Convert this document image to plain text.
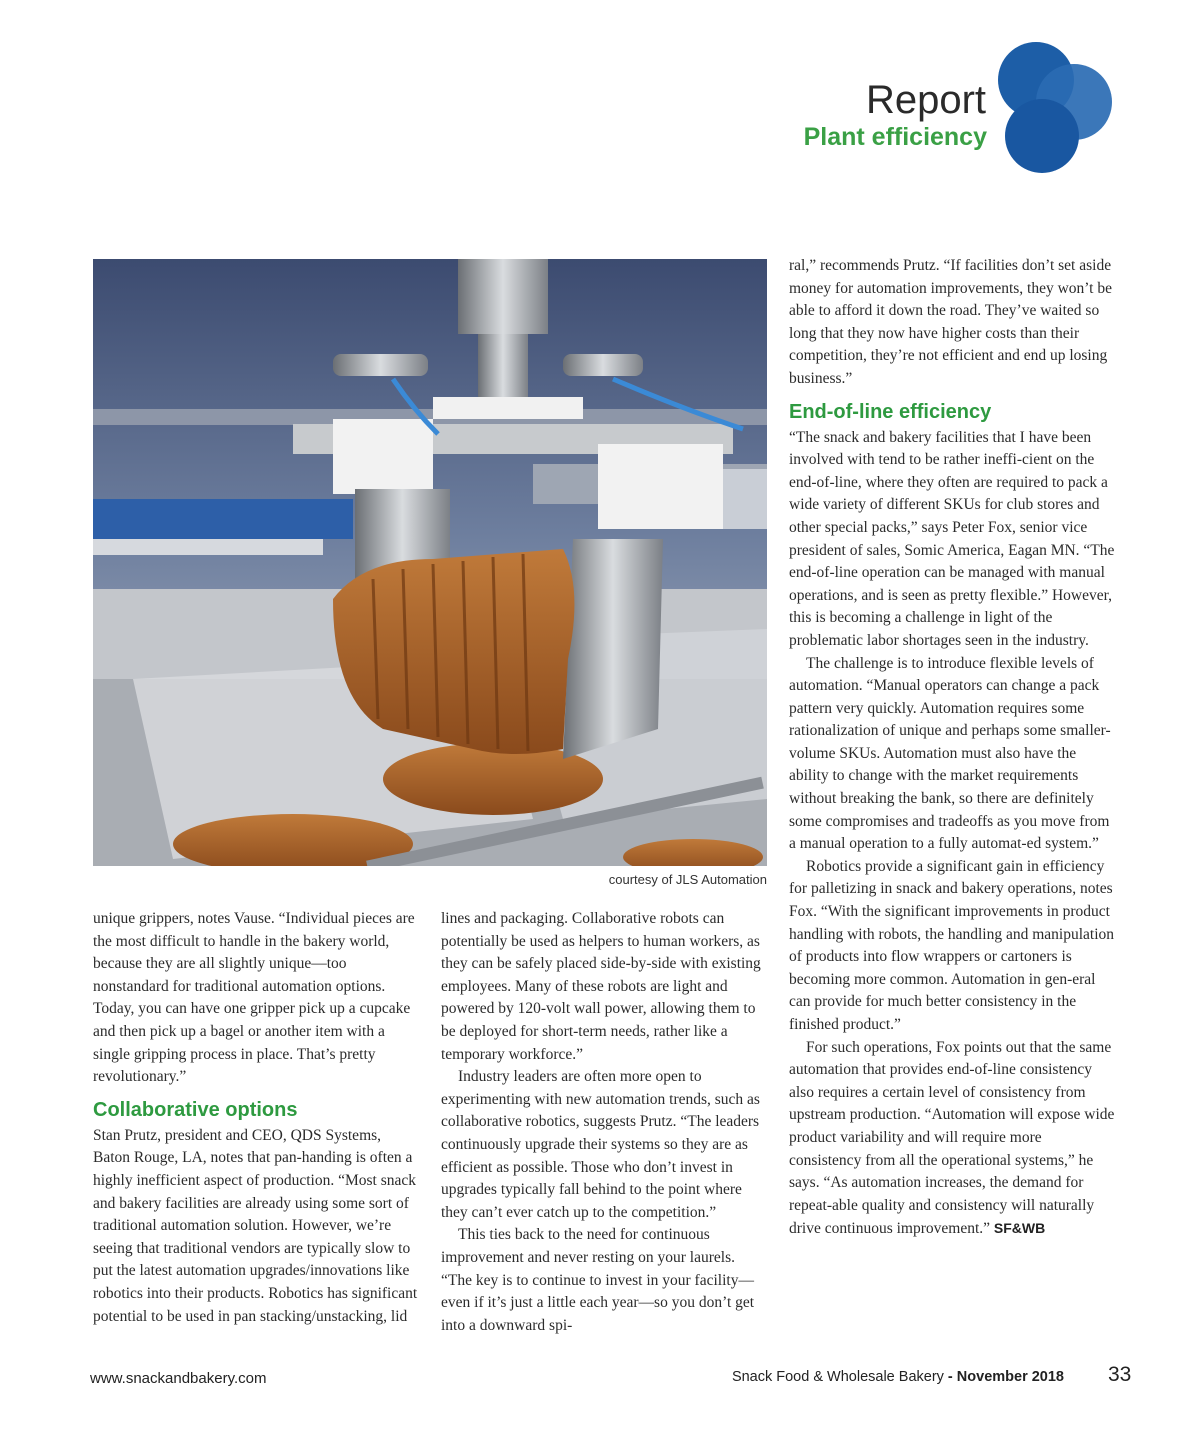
Report
Plant efficiency
courtesy of JLS Automation

unique grippers, notes Vause. “Individual pieces are the most difficult to handle in the bakery world, because they are all slightly unique—too nonstandard for traditional automation options. Today, you can have one gripper pick up a cupcake and then pick up a bagel or another item with a single gripping process in place. That’s pretty revolutionary.”

Collaborative options

Stan Prutz, president and CEO, QDS Systems, Baton Rouge, LA, notes that pan-handing is often a highly inefficient aspect of production. “Most snack and bakery facilities are already using some sort of traditional automation solution. However, we’re seeing that traditional vendors are typically slow to put the latest automation upgrades/innovations like robotics into their products. Robotics has significant potential to be used in pan stacking/unstacking, lid

lines and packaging. Collaborative robots can potentially be used as helpers to human workers, as they can be safely placed side-by-side with existing employees. Many of these robots are light and powered by 120-volt wall power, allowing them to be deployed for short-term needs, rather like a temporary workforce.”

Industry leaders are often more open to experimenting with new automation trends, such as collaborative robotics, suggests Prutz. “The leaders continuously upgrade their systems so they are as efficient as possible. Those who don’t invest in upgrades typically fall behind to the point where they can’t ever catch up to the competition.”

This ties back to the need for continuous improvement and never resting on your laurels. “The key is to continue to invest in your facility—even if it’s just a little each year—so you don’t get into a downward spi-

ral,” recommends Prutz. “If facilities don’t set aside money for automation improvements, they won’t be able to afford it down the road. They’ve waited so long that they now have higher costs than their competition, they’re not efficient and end up losing business.”

End-of-line efficiency

“The snack and bakery facilities that I have been involved with tend to be rather ineffi-cient on the end-of-line, where they often are required to pack a wide variety of different SKUs for club stores and other special packs,” says Peter Fox, senior vice president of sales, Somic America, Eagan MN. “The end-of-line operation can be managed with manual operations, and is seen as pretty flexible.” However, this is becoming a challenge in light of the problematic labor shortages seen in the industry.

The challenge is to introduce flexible levels of automation. “Manual operators can change a pack pattern very quickly. Automation requires some rationalization of unique and perhaps some smaller-volume SKUs. Automation must also have the ability to change with the market requirements without breaking the bank, so there are definitely some compromises and tradeoffs as you move from a manual operation to a fully automat-ed system.”

Robotics provide a significant gain in efficiency for palletizing in snack and bakery operations, notes Fox. “With the significant improvements in product handling with robots, the handling and manipulation of products into flow wrappers or cartoners is becoming more common. Automation in gen-eral can provide for much better consistency in the finished product.”

For such operations, Fox points out that the same automation that provides end-of-line consistency also requires a certain level of consistency from upstream production. “Automation will expose wide product variability and will require more consistency from all the operational systems,” he says. “As automation increases, the demand for repeat-able quality and consistency will naturally drive continuous improvement.” SF&WB

www.snackandbakery.com	Snack Food & Wholesale Bakery - November 2018 33
